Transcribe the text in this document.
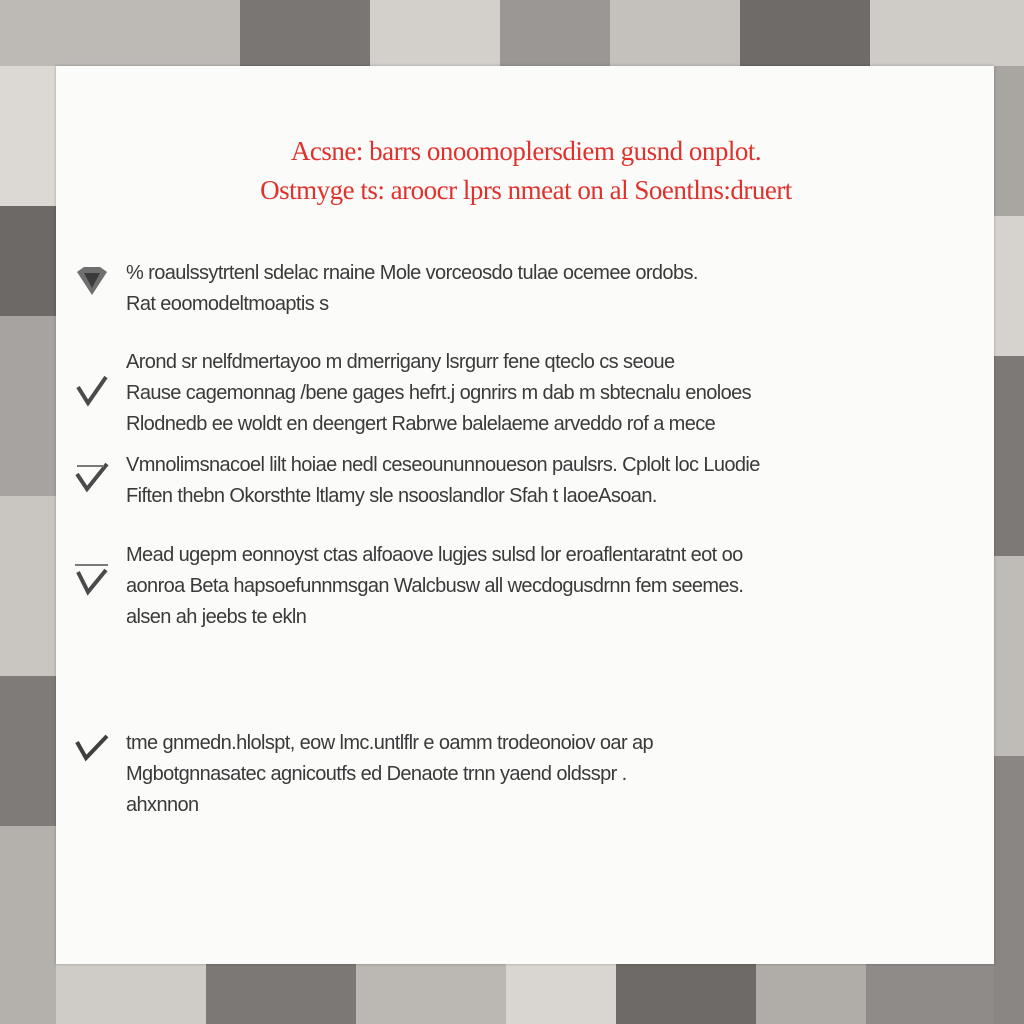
Acsne: barrs onoomoplersdiem gusnd onplot.
Ostmyge ts: aroocr lprs nmeat on al Soentlns:druert

% roaulssytrtenl sdelac rnaine Mole vorceosdo tulae ocemee ordobs.
Rat eoomodeltmoaptis s

Arond sr nelfdmertayoo m dmerrigany lsrgurr fene qteclo cs seoue
Rause cagemonnag /bene gages hefrt.j ognrirs m dab m sbtecnalu enoloes
Rlodnedb ee woldt en deengert Rabrwe balelaeme arveddo rof a mece

Vmnolimsnacoel lilt hoiae nedl ceseoununnoueson paulsrs. Cplolt loc Luodie
Fiften thebn Okorsthte ltlamy sle nsooslandlor Sfah t laoeAsoan.

Mead ugepm eonnoyst ctas alfoaove lugjes sulsd lor eroaflentaratnt eot oo
aonroa Beta hapsoefunnmsgan Walcbusw all wecdogusdrnn fem seemes.
alsen ah jeebs te ekln

tme gnmedn.hlolspt, eow lmc.untlflr e oamm trodeonoiov oar ap
Mgbotgnnasatec agnicoutfs ed Denaote trnn yaend oldsspr .
ahxnnon
